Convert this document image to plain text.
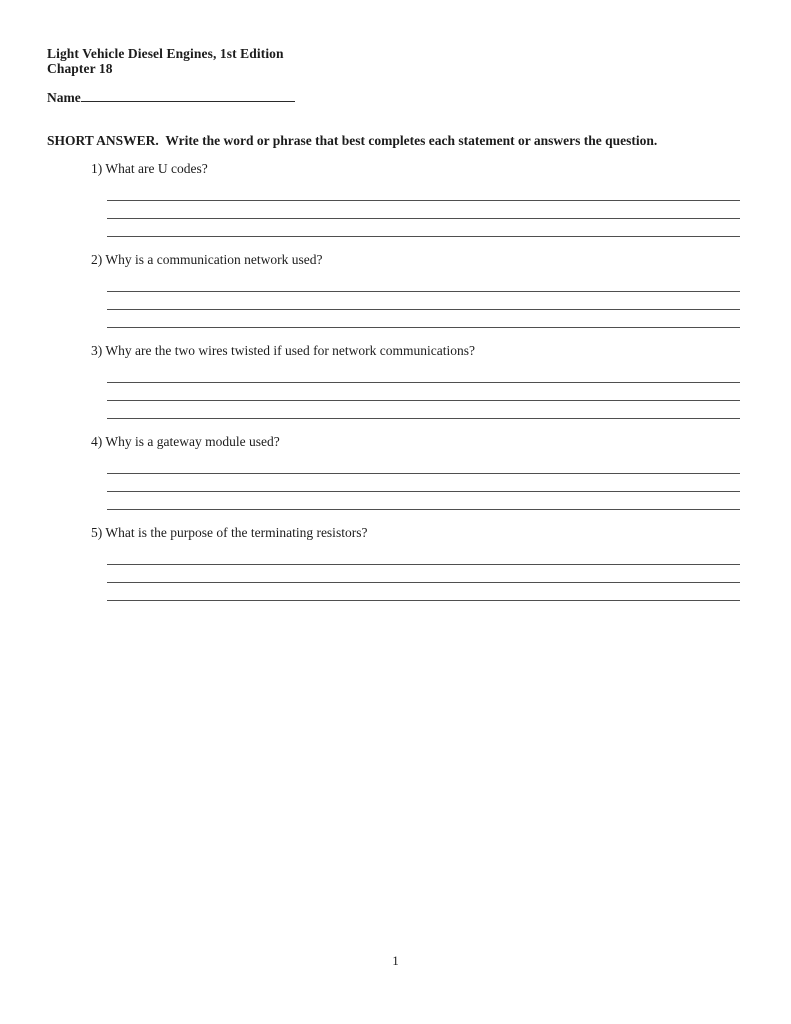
Light Vehicle Diesel Engines, 1st Edition
Chapter 18
Name
SHORT ANSWER.  Write the word or phrase that best completes each statement or answers the question.
1) What are U codes?
2) Why is a communication network used?
3) Why are the two wires twisted if used for network communications?
4) Why is a gateway module used?
5) What is the purpose of the terminating resistors?
1
